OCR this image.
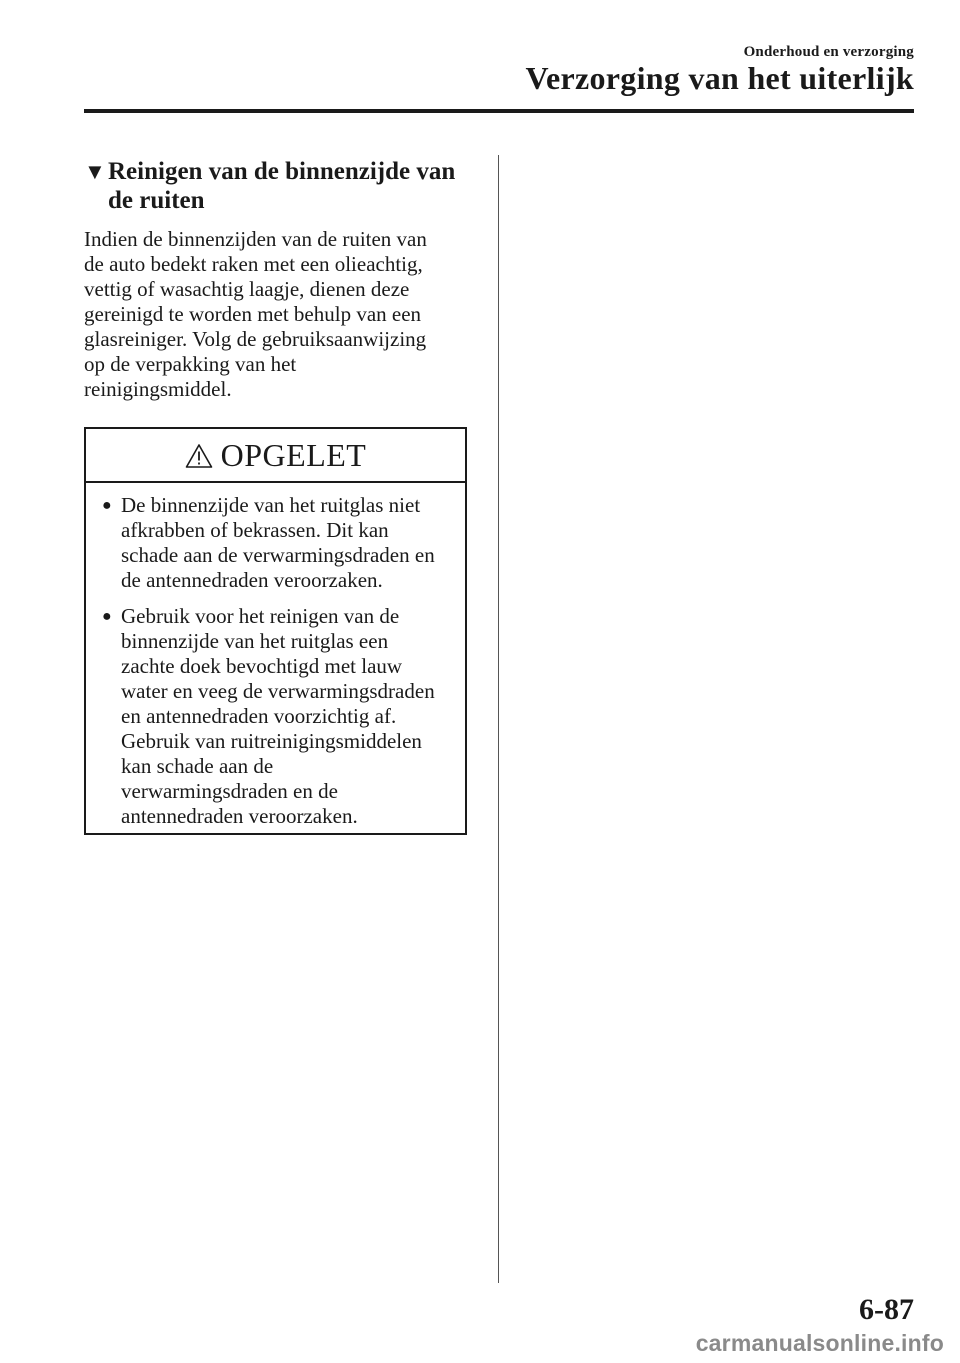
Onderhoud en verzorging
Verzorging van het uiterlijk
▼ Reinigen van de binnenzijde van de ruiten
Indien de binnenzijden van de ruiten van
de auto bedekt raken met een olieachtig,
vettig of wasachtig laagje, dienen deze
gereinigd te worden met behulp van een
glasreiniger. Volg de gebruiksaanwijzing
op de verpakking van het
reinigingsmiddel.
OPGELET
● De binnenzijde van het ruitglas niet
afkrabben of bekrassen. Dit kan
schade aan de verwarmingsdraden en
de antennedraden veroorzaken.
● Gebruik voor het reinigen van de
binnenzijde van het ruitglas een
zachte doek bevochtigd met lauw
water en veeg de verwarmingsdraden
en antennedraden voorzichtig af.
Gebruik van ruitreinigingsmiddelen
kan schade aan de
verwarmingsdraden en de
antennedraden veroorzaken.
6-87
carmanualsonline.info
